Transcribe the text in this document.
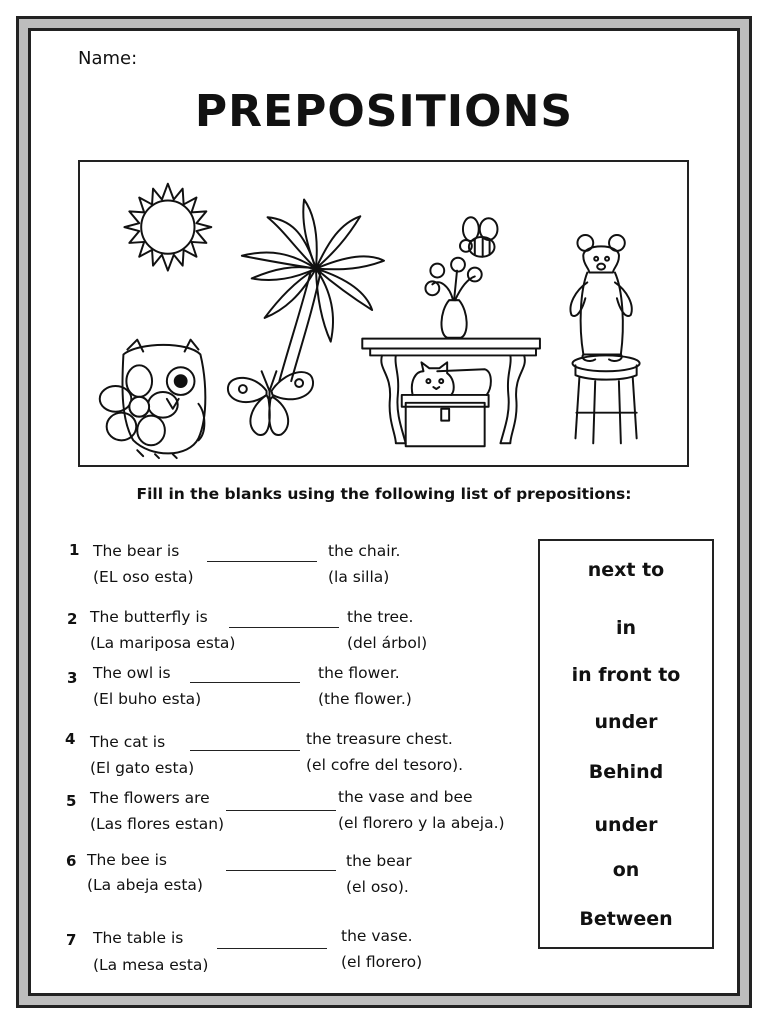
Name:
PREPOSITIONS
Fill in the blanks using the following list of prepositions:
1 The bear is	the chair.
(EL oso esta)	(la silla)
2 The butterfly is	the tree.
(La mariposa esta)	(del árbol)
3 The owl is	the flower.
(El buho esta)	(the flower.)
4 The cat is	the treasure chest.
(El gato esta)	(el cofre del tesoro).
5 The flowers are	the vase and bee
(Las flores estan)	(el florero y la abeja.)
6 The bee is	the bear
(La abeja esta)	(el oso).
7 The table is	the vase.
(La mesa esta)	(el florero)
next to
in
in front to
under
Behind
under
on
Between
